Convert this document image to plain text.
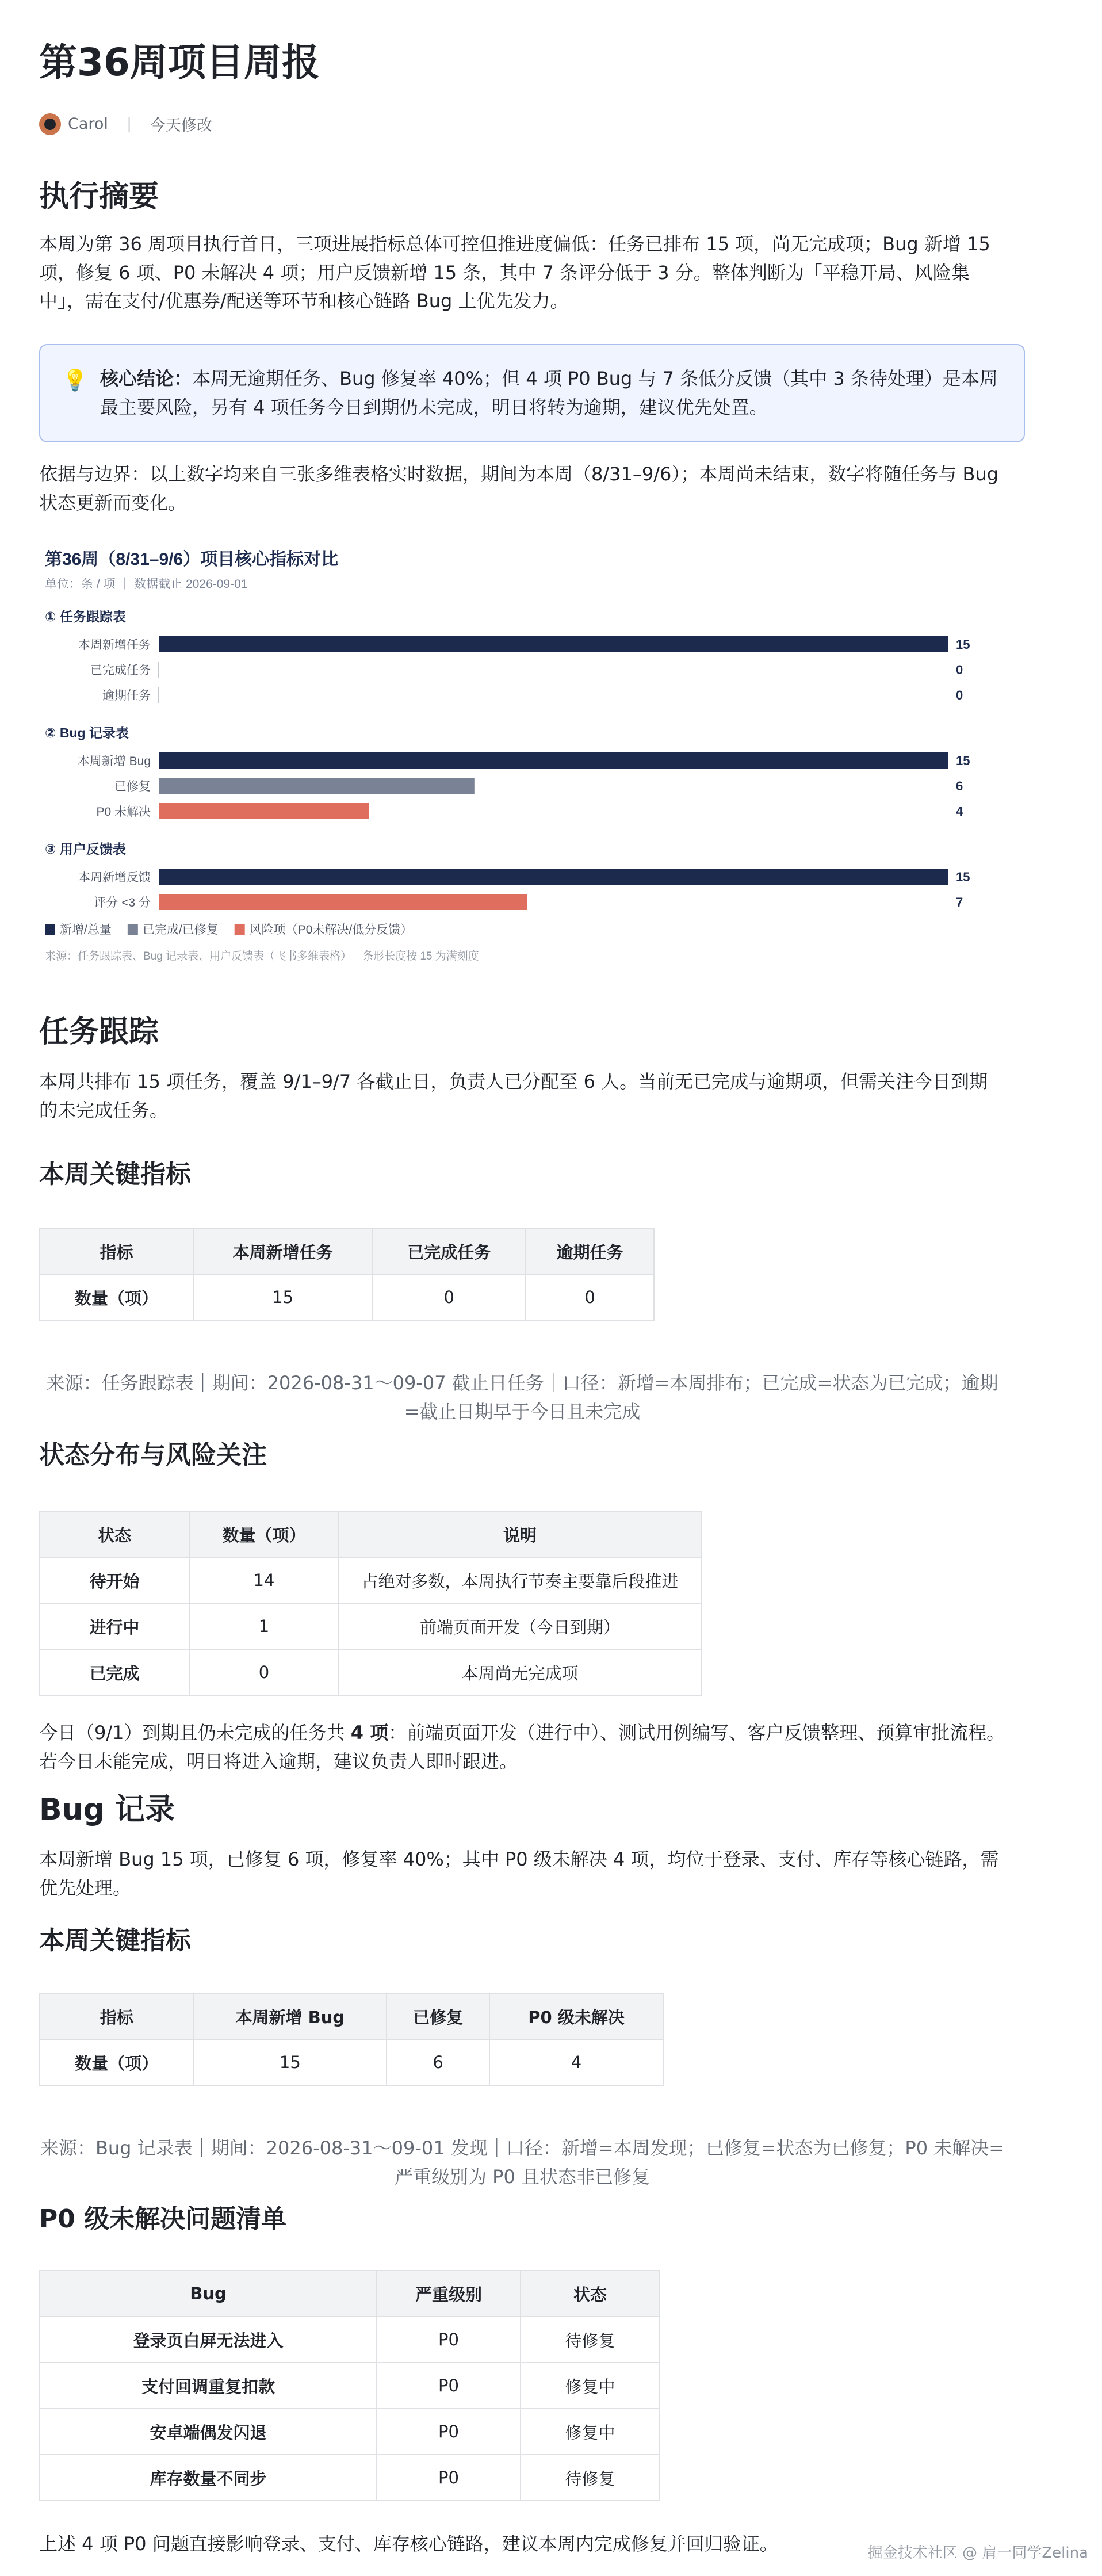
第36周项目周报
Carol | 今天修改
执行摘要

本周为第 36 周项目执行首日，三项进展指标总体可控但推进度偏低：任务已排布 15 项，尚无完成项；Bug 新增 15 项，修复 6 项、P0 未解决 4 项；用户反馈新增 15 条，其中 7 条评分低于 3 分。整体判断为「平稳开局、风险集中」，需在支付/优惠券/配送等环节和核心链路 Bug 上优先发力。

💡 核心结论：本周无逾期任务、Bug 修复率 40%；但 4 项 P0 Bug 与 7 条低分反馈（其中 3 条待处理）是本周最主要风险，另有 4 项任务今日到期仍未完成，明日将转为逾期，建议优先处置。

依据与边界：以上数字均来自三张多维表格实时数据，期间为本周（8/31–9/6）；本周尚未结束，数字将随任务与 Bug 状态更新而变化。

第36周（8/31–9/6）项目核心指标对比
单位：条 / 项 ｜ 数据截止 2026-09-01
① 任务跟踪表
本周新增任务	15
已完成任务	0
逾期任务	0
② Bug 记录表
本周新增 Bug	15
已修复	6
P0 未解决	4
③ 用户反馈表
本周新增反馈	15
评分 <3 分	7
新增/总量	已完成/已修复	风险项（P0未解决/低分反馈）
来源：任务跟踪表、Bug 记录表、用户反馈表（飞书多维表格）｜条形长度按 15 为满刻度
任务跟踪

本周共排布 15 项任务，覆盖 9/1–9/7 各截止日，负责人已分配至 6 人。当前无已完成与逾期项，但需关注今日到期的未完成任务。

本周关键指标
指标	本周新增任务	已完成任务	逾期任务
数量（项）	15	0	0

来源：任务跟踪表｜期间：2026-08-31～09-07 截止日任务｜口径：新增=本周排布；已完成=状态为已完成；逾期=截止日期早于今日且未完成

状态分布与风险关注
状态	数量（项）	说明
待开始	14	占绝对多数，本周执行节奏主要靠后段推进
进行中	1	前端页面开发（今日到期）
已完成	0	本周尚无完成项

今日（9/1）到期且仍未完成的任务共 4 项：前端页面开发（进行中）、测试用例编写、客户反馈整理、预算审批流程。若今日未能完成，明日将进入逾期，建议负责人即时跟进。

Bug 记录

本周新增 Bug 15 项，已修复 6 项，修复率 40%；其中 P0 级未解决 4 项，均位于登录、支付、库存等核心链路，需优先处理。

本周关键指标
指标	本周新增 Bug	已修复	P0 级未解决
数量（项）	15	6	4

来源：Bug 记录表｜期间：2026-08-31～09-01 发现｜口径：新增=本周发现；已修复=状态为已修复；P0 未解决=严重级别为 P0 且状态非已修复

P0 级未解决问题清单
Bug	严重级别	状态
登录页白屏无法进入	P0	待修复
支付回调重复扣款	P0	修复中
安卓端偶发闪退	P0	修复中
库存数量不同步	P0	待修复

上述 4 项 P0 问题直接影响登录、支付、库存核心链路，建议本周内完成修复并回归验证。	掘金技术社区 @ 肩一同学Zelina
